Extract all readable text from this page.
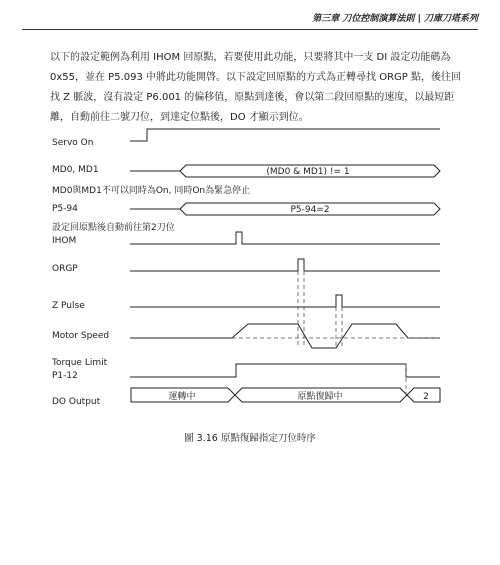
第三章 刀位控制演算法則 | 刀庫刀塔系列
以下的設定範例為利用 IHOM 回原點，若要使用此功能，只要將其中一支 DI 設定功能碼為
0x55，並在 P5.093 中將此功能開啓。以下設定回原點的方式為正轉尋找 ORGP 點，後往回
找 Z 脈波，沒有設定 P6.001 的偏移值，原點到達後，會以第二段回原點的速度，以最短距
離，自動前往二號刀位，到達定位點後，DO 才顯示到位。
Servo On
MD0, MD1
MD0與MD1不可以同時為On, 同時On為緊急停止
P5-94
設定回原點後自動前往第2刀位
IHOM
ORGP
Z Pulse
Motor Speed
Torque Limit
P1-12
DO Output
(MD0 & MD1) != 1
P5-94=2
運轉中	原點復歸中	2
圖 3.16 原點復歸指定刀位時序
